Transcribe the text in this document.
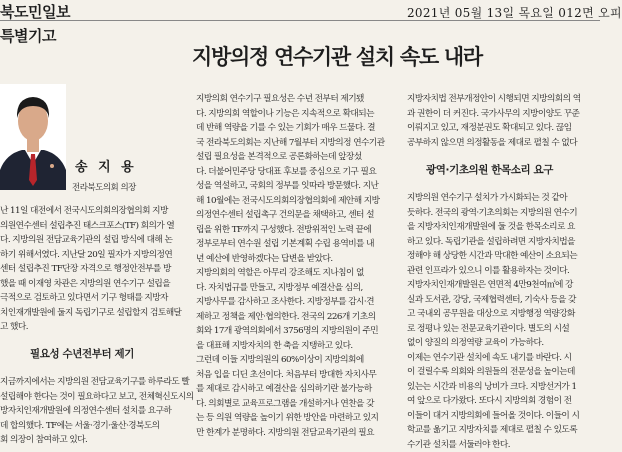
북도민일보	2021년 05월 13일 목요일 012면 오피
특별기고
지방의정 연수기관 설치 속도 내라
송 지 용
전라북도의회 의장
난 11일 대전에서 전국시도의회의장협의회 지방
의원연수센터 설립추진 태스크포스(TF) 회의가 열
다. 지방의원 전담교육기관의 설립 방식에 대해 논
하기 위해서였다. 지난달 20일 필자가 지방의정연
센터 설립추진 TF단장 자격으로 행정안전부를 방
했을 때 이재영 차관은 지방의원 연수기구 설립을
극적으로 검토하고 있다면서 기구 형태를 지방자
치인재개발원에 둘지 독립기구로 설립할지 검토해달
고 했다.
필요성 수년전부터 제기
지금까지에서는 지방의원 전담교육기구를 하루라도 빨
설립해야 한다는 것이 필요하다고 보고, 전체혁신도시의
방자치인재개발원에 의정연수센터 설치를 요구하
데 합의했다. TF에는 서울·경기·울산·경북도의
회 의장이 참여하고 있다.
지방의회 연수기구 필요성은 수년 전부터 제기됐
다. 지방의회 역할이나 기능은 지속적으로 확대되는
데 반해 역량을 기를 수 있는 기회가 매우 드물다. 결
국 전라북도의회는 지난해 7월부터 지방의정 연수기관
설립 필요성을 본격적으로 공론화하는데 앞장섰
다. 더불어민주당 당대표 후보를 중심으로 기구 필요
성을 역설하고, 국회의 정부를 잇따라 방문했다. 지난
해 10월에는 전국시도의회의장협의회에 제안해 지방
의정연수센터 설립촉구 건의문을 채택하고, 센터 설
립을 위한 TF까지 구성했다. 전방위적인 노력 끝에
정부로부터 연수원 설립 기본계획 수립 용역비를 내
년 예산에 반영하겠다는 답변을 받았다.
지방의회의 역할은 아무리 강조해도 지나침이 없
다. 자치법규를 만들고, 지방정부 예결산을 심의,
지방사무를 감사하고 조사한다. 지방정부를 감시·견
제하고 정책을 제안·협의한다. 전국의 226개 기초의
회와 17개 광역의회에서 3756명의 지방의원이 주민
을 대표해 지방자치의 한 축을 지탱하고 있다.
그런데 이들 지방의원의 60%이상이 지방의회에
처음 입을 디딘 초선이다. 처음부터 방대한 자치사무
를 제대로 감시하고 예결산을 심의하기란 불가능하
다. 의회별로 교육프로그램을 개설하거나 연찬을 갖
는 등 의원 역량을 높이기 위한 방안을 마련하고 있지
만 한계가 분명하다. 지방의원 전담교육기관의 필요
지방자치법 전부개정안이 시행되면 지방의회의 역
과 권한이 더 커진다. 국가사무의 지방이양도 꾸준
이뤄지고 있고, 재정분권도 확대되고 있다. 끊임
공부하지 않으면 의정활동을 제대로 펼칠 수 없다
광역·기초의원 한목소리 요구
지방의원 연수기구 설치가 가시화되는 것 같아
듯하다. 전국의 광역·기초의회는 지방의원 연수기
을 지방자치인재개발원에 둘 것을 한목소리로 요
하고 있다. 독립기관을 설립하려면 지방자치법을
정해야 해 상당한 시간과 막대한 예산이 소요되는
관련 인프라가 있으니 이를 활용하자는 것이다.
지방자치인재개발원은 연면적 4만9천여㎡에 강
실과 도서관, 강당, 국제협력센터, 기숙사 등을 갖
고 국내외 공무원을 대상으로 지방행정 역량강화
로 정평나 있는 전문교육기관이다. 별도의 시설
없이 양질의 의정역량 교육이 가능하다.
이제는 연수기관 설치에 속도 내기를 바란다. 시
이 걸릴수록 의회와 의원들의 전문성을 높이는데
있는는 시간과 비용의 낭비가 크다. 지방선거가 1
여 앞으로 다가왔다. 또다시 지방의회 경험이 전
이들이 대거 지방의회에 들어올 것이다. 이들이 시
학교를 옮기고 지방자치를 제대로 펼칠 수 있도록
수기관 설치를 서둘러야 한다.
